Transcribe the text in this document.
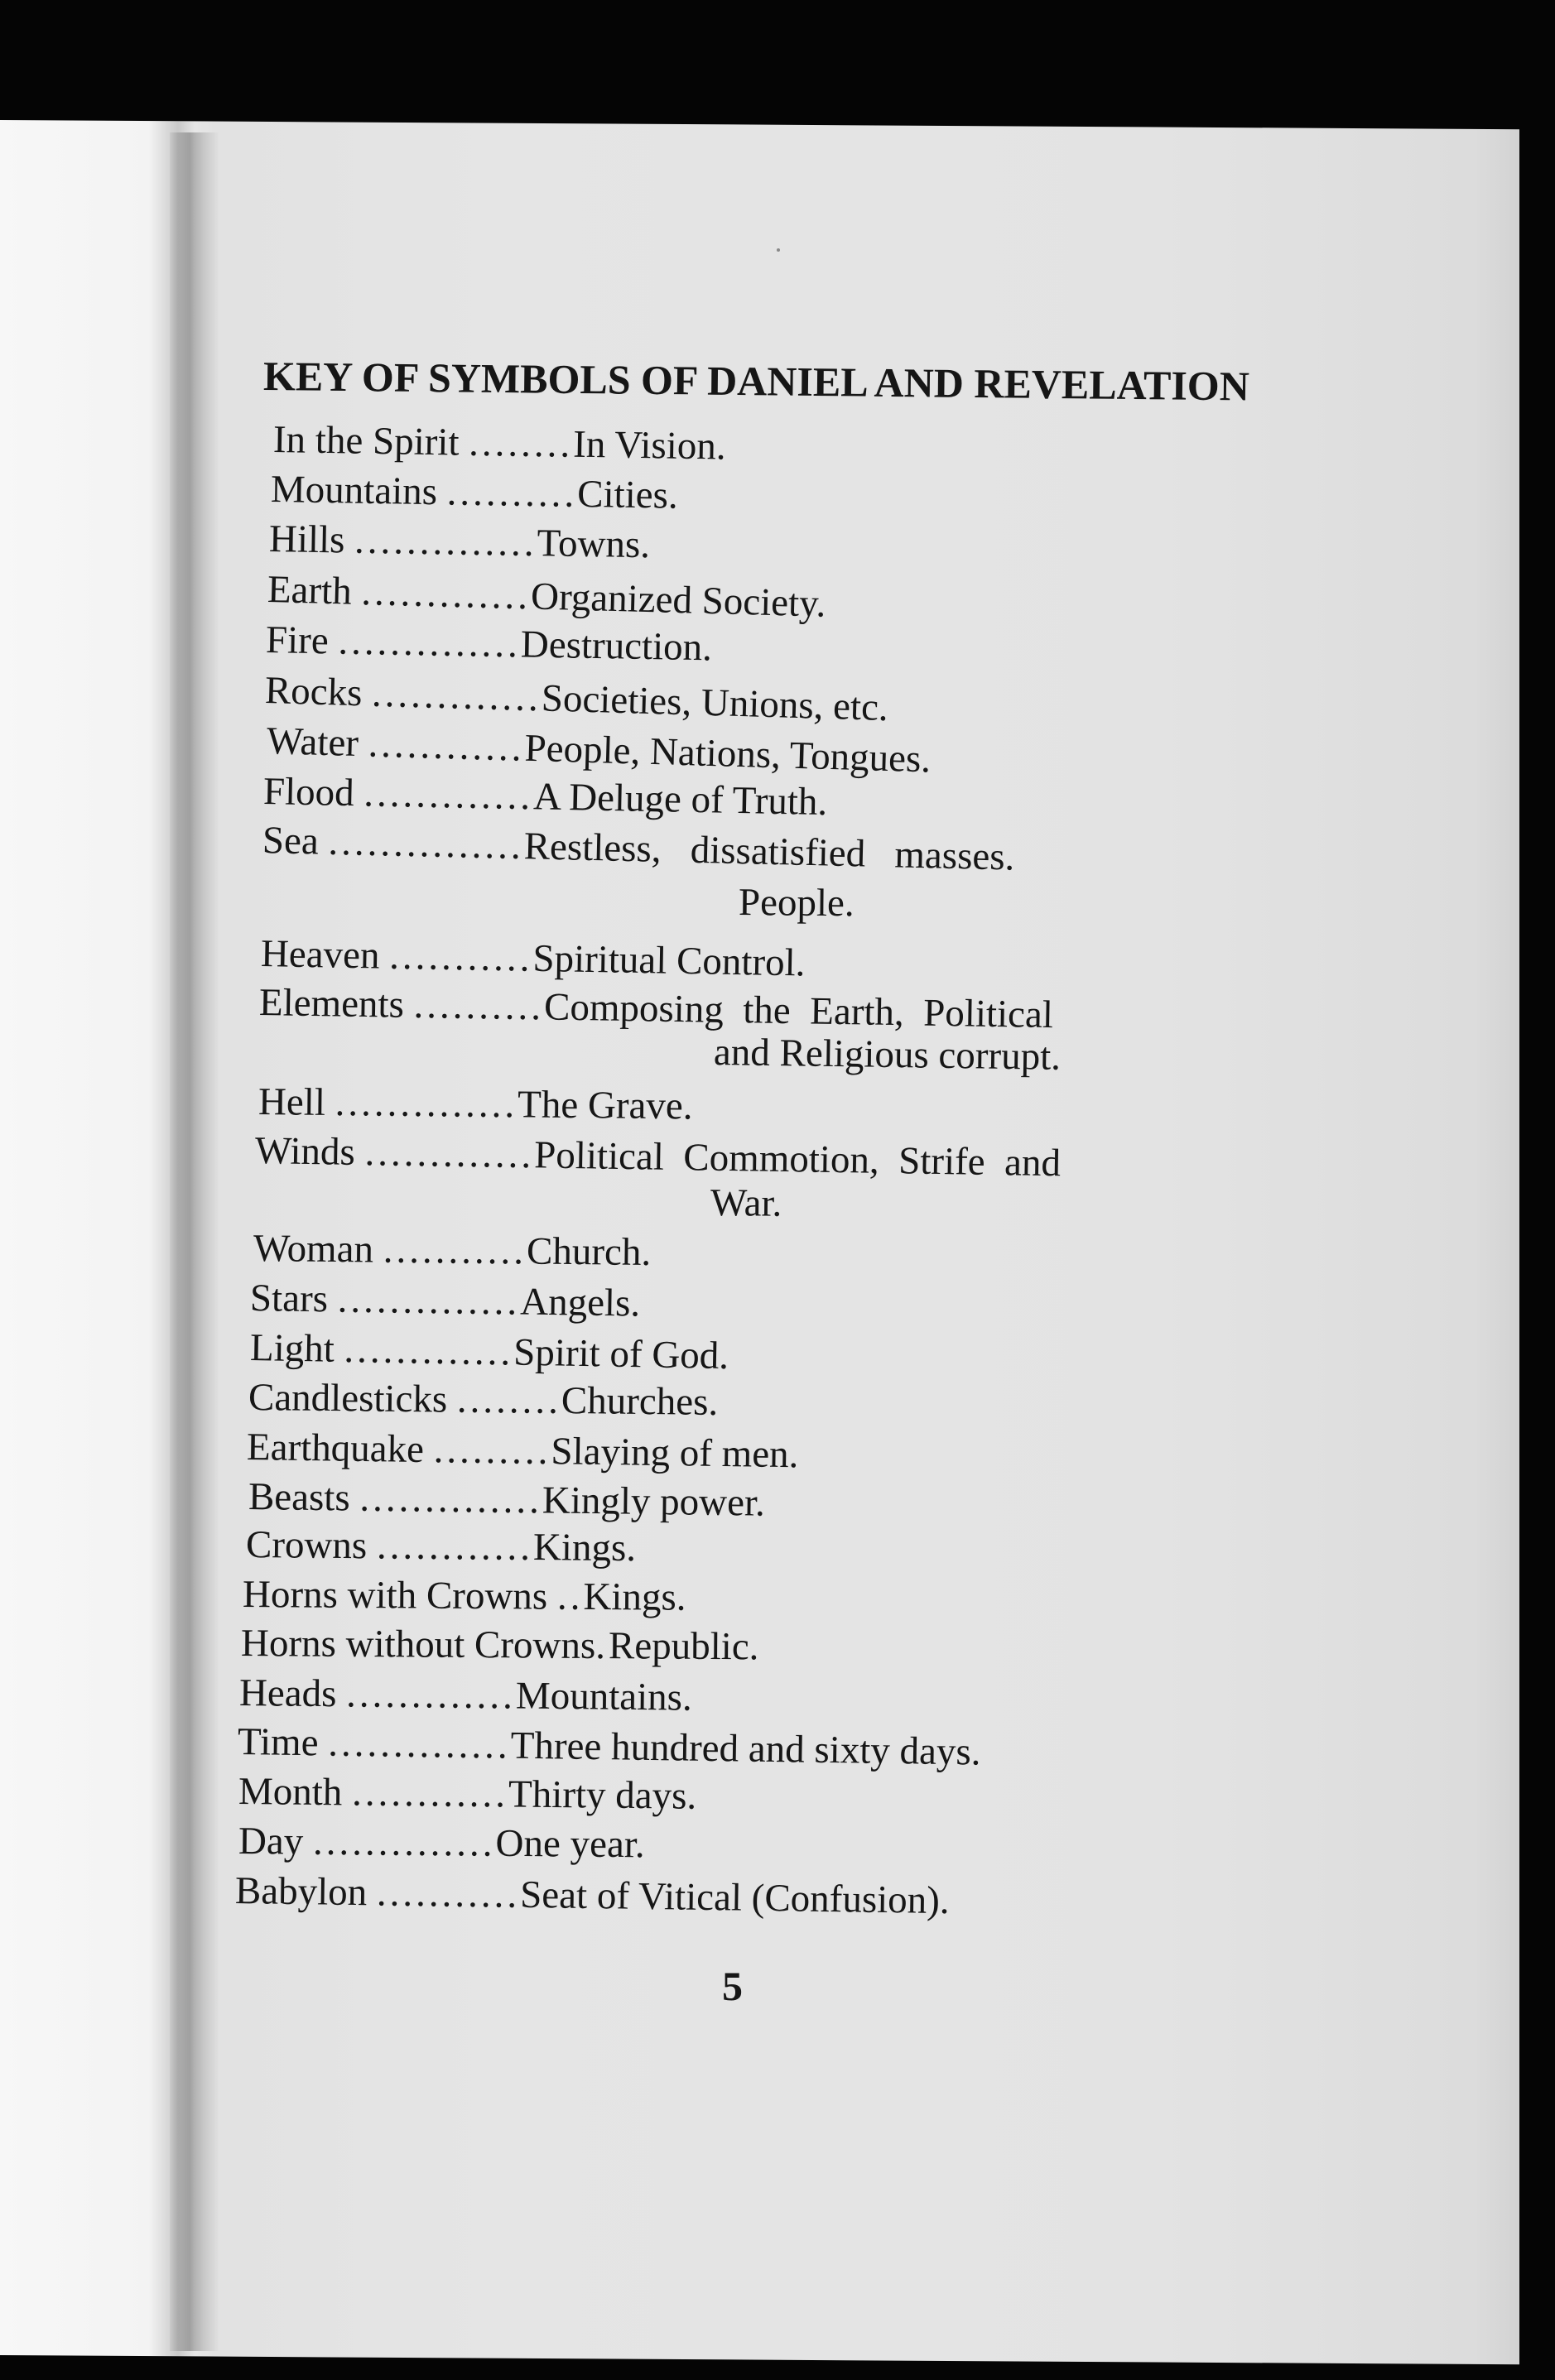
KEY OF SYMBOLS OF DANIEL AND REVELATION
In the Spirit ........In Vision.
Mountains ..........Cities.
Hills ..............Towns.
Earth .............Organized Society.
Fire ..............Destruction.
Rocks .............Societies, Unions, etc.
Water ............People, Nations, Tongues.
Flood .............A Deluge of Truth.
Sea ...............Restless,   dissatisfied   masses.
People.
Heaven ...........Spiritual Control.
Elements ..........Composing  the  Earth,  Political
and Religious corrupt.
Hell ..............The Grave.
Winds .............Political  Commotion,  Strife  and
War.
Woman ...........Church.
Stars ..............Angels.
Light .............Spirit of God.
Candlesticks ........Churches.
Earthquake .........Slaying of men.
Beasts ..............Kingly power.
Crowns ............Kings.
Horns with Crowns ..Kings.
Horns without Crowns.Republic.
Heads .............Mountains.
Time ..............Three hundred and sixty days.
Month ............Thirty days.
Day ..............One year.
Babylon ...........Seat of Vitical (Confusion).
5
